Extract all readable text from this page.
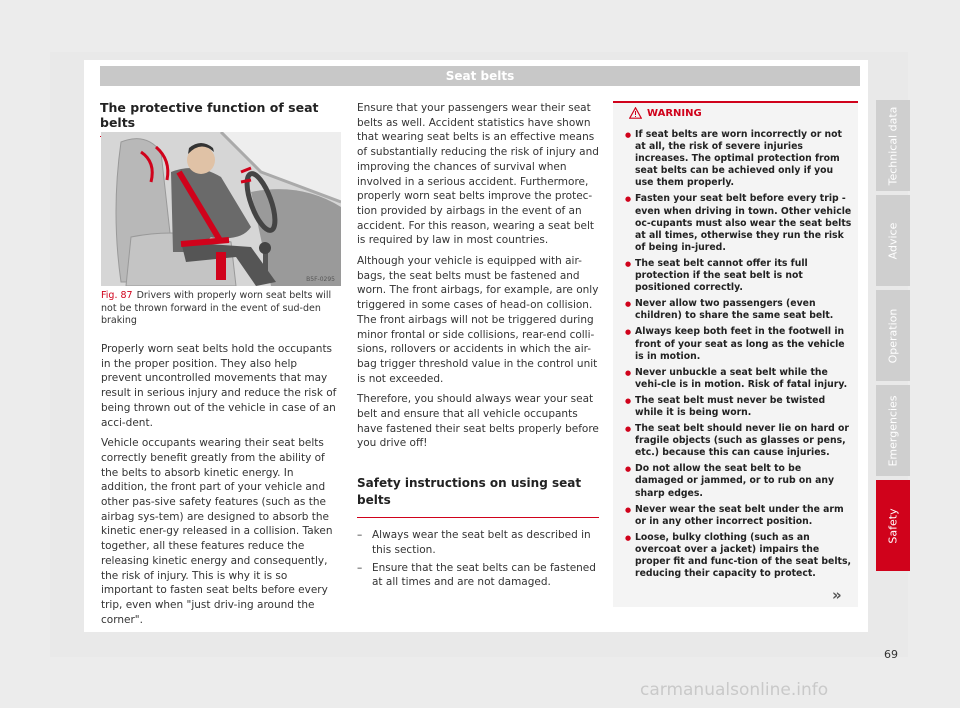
Seat belts
The protective function of seat belts
B5F-0295
Fig. 87 Drivers with properly worn seat belts will not be thrown forward in the event of sud-den braking

Properly worn seat belts hold the occupants in the proper position. They also help prevent uncontrolled movements that may result in serious injury and reduce the risk of being thrown out of the vehicle in case of an acci-dent.

Vehicle occupants wearing their seat belts correctly benefit greatly from the ability of the belts to absorb kinetic energy. In addition, the front part of your vehicle and other pas-sive safety features (such as the airbag sys-tem) are designed to absorb the kinetic ener-gy released in a collision. Taken together, all these features reduce the releasing kinetic energy and consequently, the risk of injury. This is why it is so important to fasten seat belts before every trip, even when "just driv-ing around the corner".

Ensure that your passengers wear their seat belts as well. Accident statistics have shown that wearing seat belts is an effective means of substantially reducing the risk of injury and improving the chances of survival when involved in a serious accident. Furthermore, properly worn seat belts improve the protec-tion provided by airbags in the event of an accident. For this reason, wearing a seat belt is required by law in most countries.

Although your vehicle is equipped with air-bags, the seat belts must be fastened and worn. The front airbags, for example, are only triggered in some cases of head-on collision. The front airbags will not be triggered during minor frontal or side collisions, rear-end colli-sions, rollovers or accidents in which the air-bag trigger threshold value in the control unit is not exceeded.

Therefore, you should always wear your seat belt and ensure that all vehicle occupants have fastened their seat belts properly before you drive off!

Safety instructions on using seat belts
– Always wear the seat belt as described in this section.
– Ensure that the seat belts can be fastened at all times and are not damaged.
WARNING
● If seat belts are worn incorrectly or not at all, the risk of severe injuries increases. The optimal protection from seat belts can be achieved only if you use them properly.
● Fasten your seat belt before every trip - even when driving in town. Other vehicle oc-cupants must also wear the seat belts at all times, otherwise they run the risk of being in-jured.
● The seat belt cannot offer its full protection if the seat belt is not positioned correctly.
● Never allow two passengers (even children) to share the same seat belt.
● Always keep both feet in the footwell in front of your seat as long as the vehicle is in motion.
● Never unbuckle a seat belt while the vehi-cle is in motion. Risk of fatal injury.
● The seat belt must never be twisted while it is being worn.
● The seat belt should never lie on hard or fragile objects (such as glasses or pens, etc.) because this can cause injuries.
● Do not allow the seat belt to be damaged or jammed, or to rub on any sharp edges.
● Never wear the seat belt under the arm or in any other incorrect position.
● Loose, bulky clothing (such as an overcoat over a jacket) impairs the proper fit and func-tion of the seat belts, reducing their capacity to protect.
»
Technical data
Advice
Operation
Emergencies
Safety
69
carmanualsonline.info
